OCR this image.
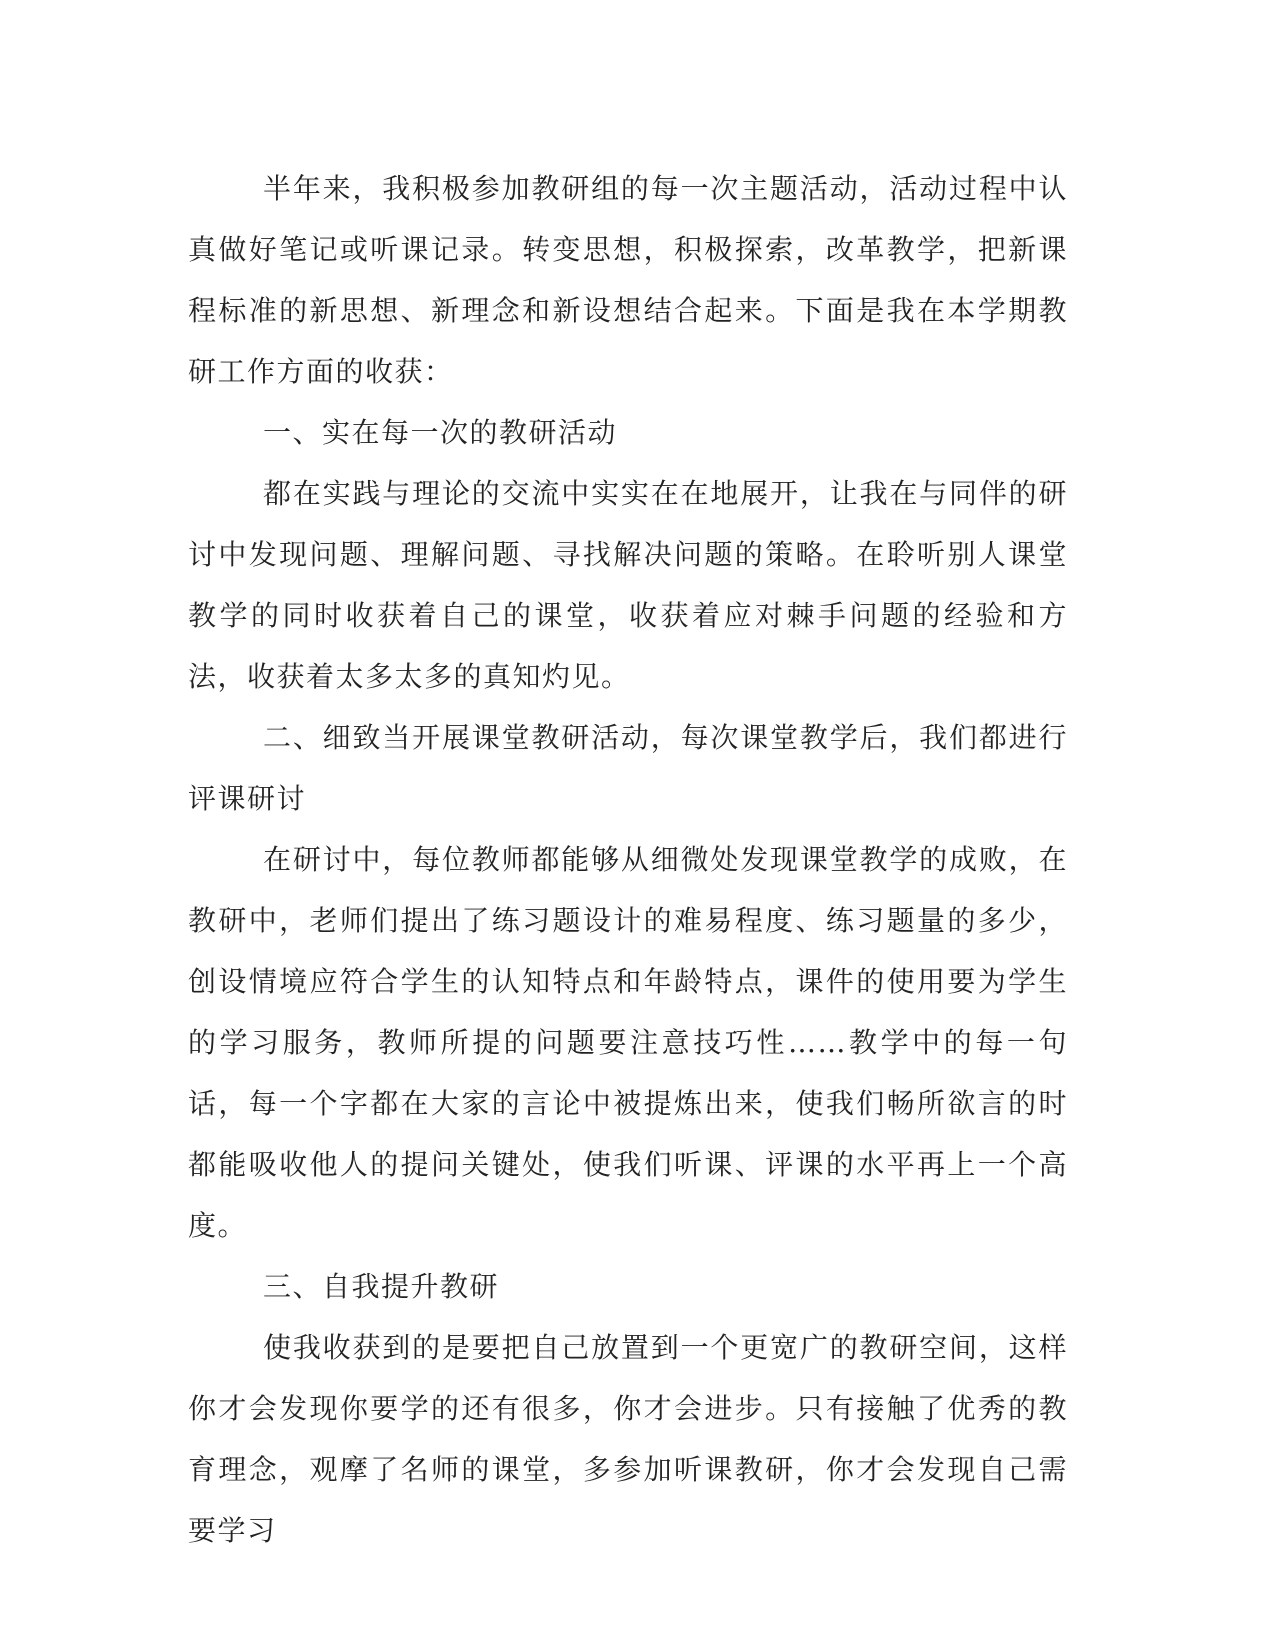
半年来，我积极参加教研组的每一次主题活动，活动过程中认真做好笔记或听课记录。转变思想，积极探索，改革教学，把新课程标准的新思想、新理念和新设想结合起来。下面是我在本学期教研工作方面的收获：

一、实在每一次的教研活动

都在实践与理论的交流中实实在在地展开，让我在与同伴的研讨中发现问题、理解问题、寻找解决问题的策略。在聆听别人课堂教学的同时收获着自己的课堂，收获着应对棘手问题的经验和方法，收获着太多太多的真知灼见。

二、细致当开展课堂教研活动，每次课堂教学后，我们都进行评课研讨

在研讨中，每位教师都能够从细微处发现课堂教学的成败，在教研中，老师们提出了练习题设计的难易程度、练习题量的多少，创设情境应符合学生的认知特点和年龄特点，课件的使用要为学生的学习服务，教师所提的问题要注意技巧性……教学中的每一句话，每一个字都在大家的言论中被提炼出来，使我们畅所欲言的时都能吸收他人的提问关键处，使我们听课、评课的水平再上一个高度。

三、自我提升教研

使我收获到的是要把自己放置到一个更宽广的教研空间，这样你才会发现你要学的还有很多，你才会进步。只有接触了优秀的教育理念，观摩了名师的课堂，多参加听课教研，你才会发现自己需要学习
